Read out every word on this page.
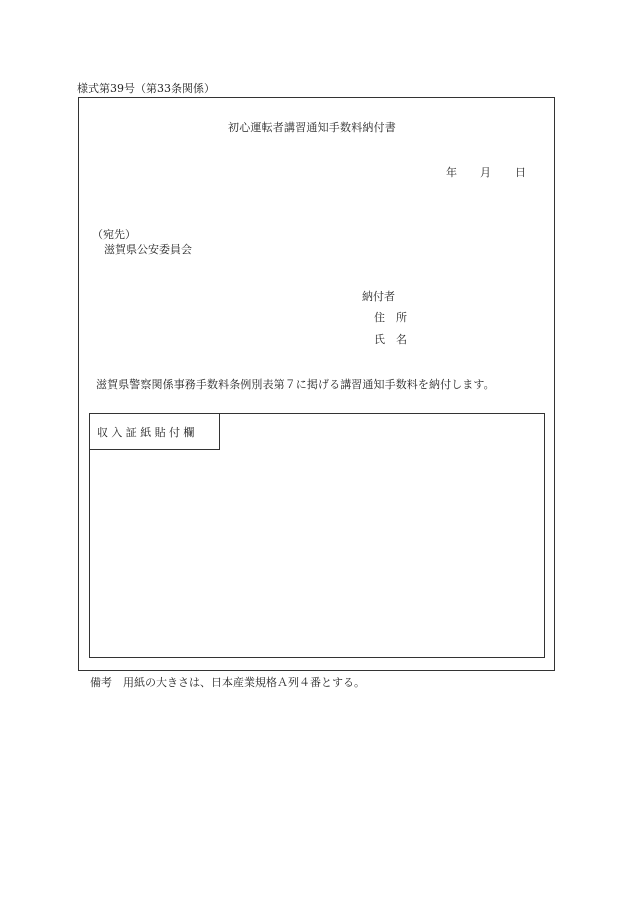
様式第39号（第33条関係）
初心運転者講習通知手数料納付書
年 月 日
（宛先）
滋賀県公安委員会
納付者
住　所
氏　名
滋賀県警察関係事務手数料条例別表第７に掲げる講習通知手数料を納付します。
収入証紙貼付欄
備考　用紙の大きさは、日本産業規格Ａ列４番とする。
